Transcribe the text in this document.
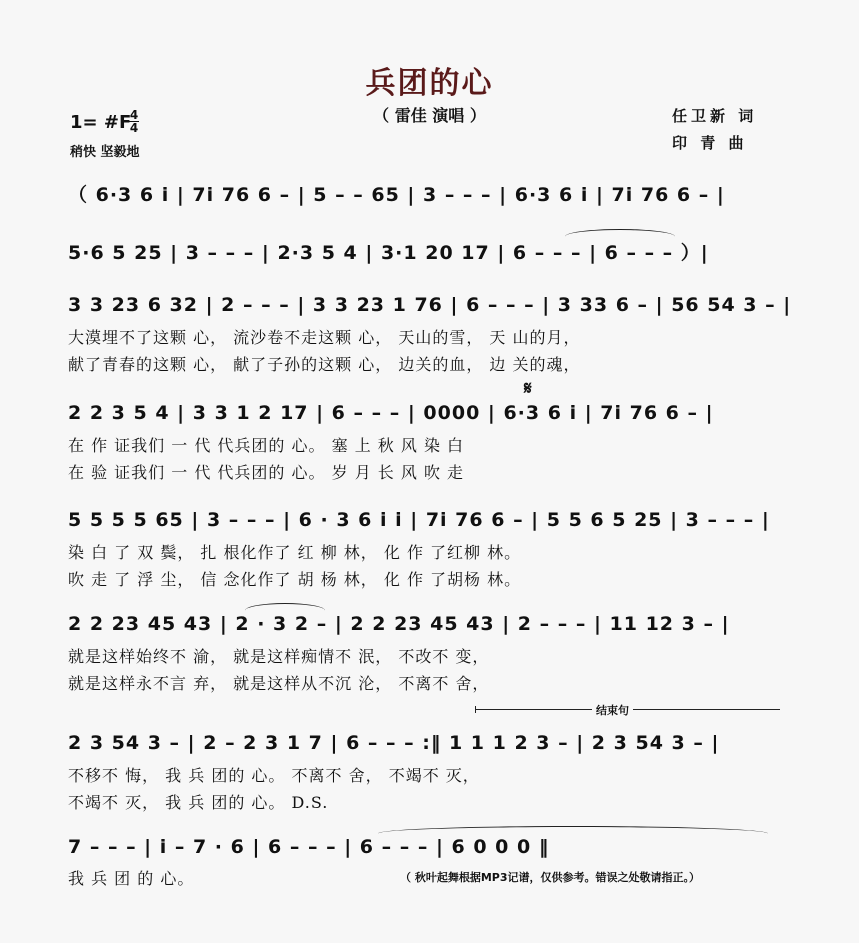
兵团的心
（ 雷佳 演唱 ）
1= #F
4
4
稍快 坚毅地
任卫新 词
印 青 曲
（ 6·3 6 i | 7i 76 6 – | 5 – – 65 | 3 – – – | 6·3 6 i | 7i 76 6 – |
5·6 5 25 | 3 – – – | 2·3 5 4 | 3·1 20 17 | 6 – – – | 6 – – – ）|
3 3 23 6 32 | 2 – – – | 3 3 23 1 76 | 6 – – – | 3 33 6 – | 56 54 3 – |
大漠埋不了这颗 心， 流沙卷不走这颗 心， 天山的雪， 天 山的月，
献了青春的这颗 心， 献了子孙的这颗 心， 边关的血， 边 关的魂，
𝄋
2 2 3 5 4 | 3 3 1 2 17 | 6 – – – | 0000 | 6·3 6 i | 7i 76 6 – |
在 作 证我们 一 代 代兵团的 心。 塞 上 秋 风 染 白
在 验 证我们 一 代 代兵团的 心。 岁 月 长 风 吹 走
5 5 5 5 65 | 3 – – – | 6 · 3 6 i i | 7i 76 6 – | 5 5 6 5 25 | 3 – – – |
染 白 了 双 鬓， 扎 根化作了 红 柳 林， 化 作 了红柳 林。
吹 走 了 浮 尘， 信 念化作了 胡 杨 林， 化 作 了胡杨 林。
2 2 23 45 43 | 2 · 3 2 – | 2 2 23 45 43 | 2 – – – | 11 12 3 – |
就是这样始终不 渝， 就是这样痴情不 泯， 不改不 变，
就是这样永不言 弃， 就是这样从不沉 沦， 不离不 舍，
结束句
2 3 54 3 – | 2 – 2 3 1 7 | 6 – – – :‖ 1 1 1 2 3 – | 2 3 54 3 – |
不移不 悔， 我 兵 团的 心。 不离不 舍， 不竭不 灭，
不竭不 灭， 我 兵 团的 心。 D.S.
7 – – – | i – 7 · 6 | 6 – – – | 6 – – – | 6 0 0 0 ‖
我 兵 团 的 心。	（ 秋叶起舞根据MP3记谱，仅供参考。错误之处敬请指正。）
